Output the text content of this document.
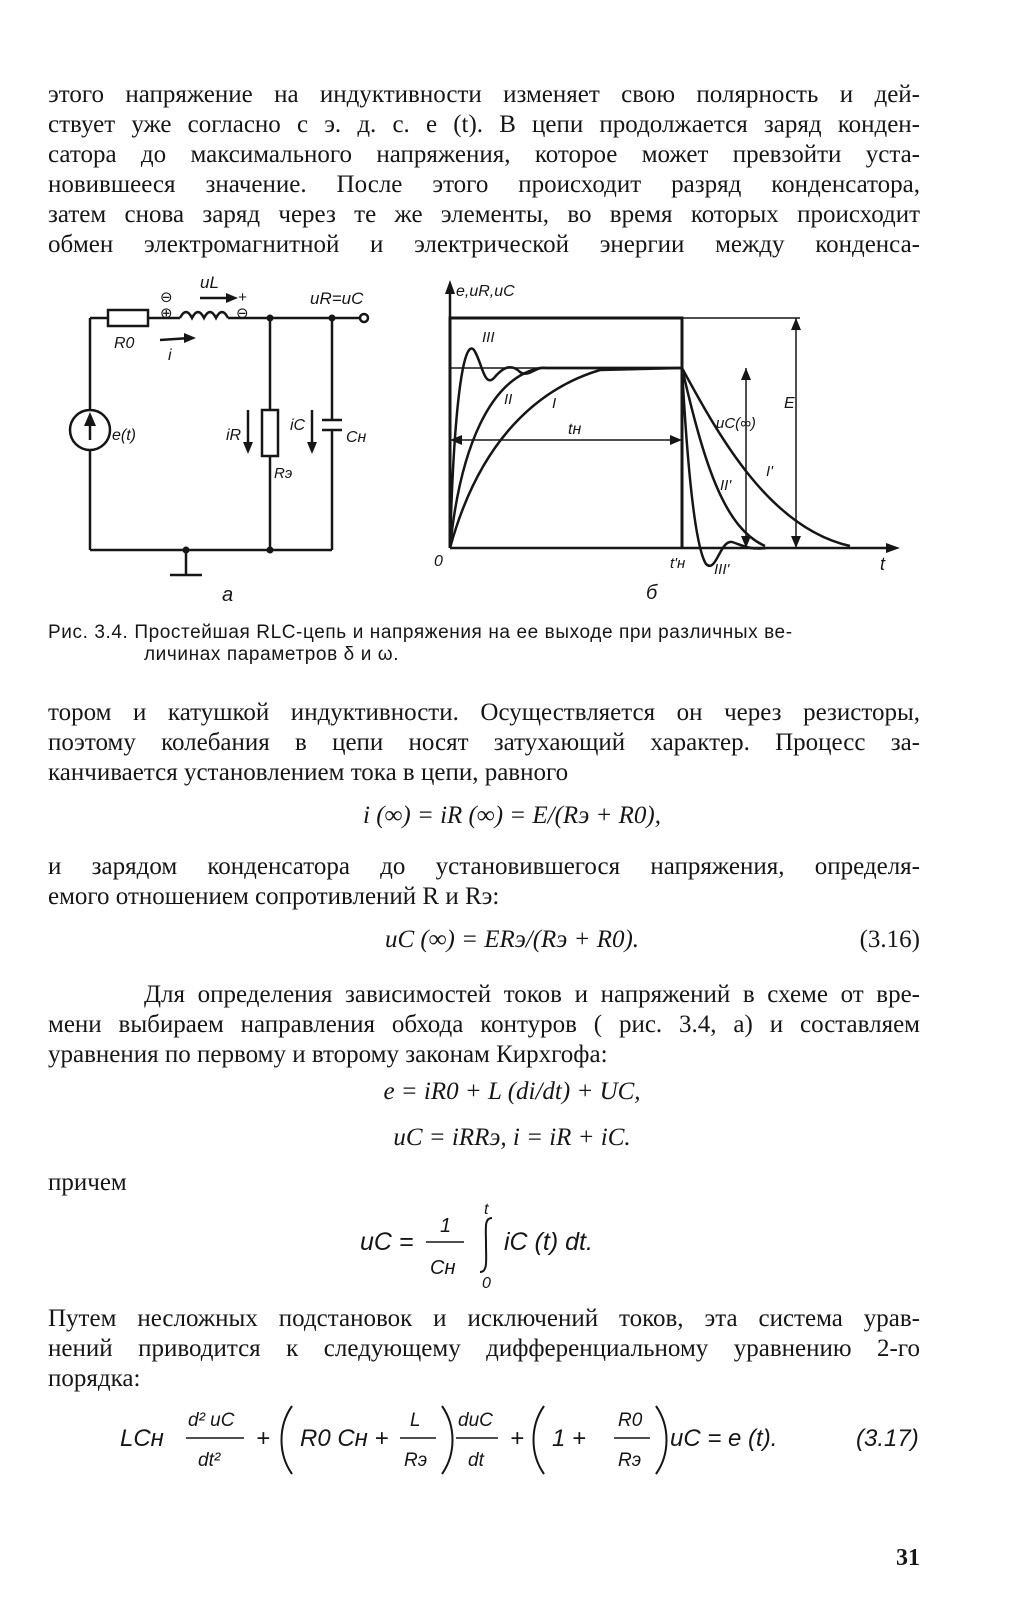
этого напряжение на индуктивности изменяет свою полярность и дей-
ствует уже согласно с э. д. с. e (t). В цепи продолжается заряд конден-
сатора до максимального напряжения, которое может превзойти уста-
новившееся значение. После этого происходит разряд конденсатора,
затем снова заряд через те же элементы, во время которых происходит
обмен электромагнитной и электрической энергии между конденса-
uL
⊖
⊕
+
⊖
uR=uC
R0
i
e(t)	iR
iC
Cн
Rэ
а
e,uR,uC
t
0
III
II	I
tн	uC(∞)
E
II'
I'
III'
t'н
б
Рис. 3.4. Простейшая RLC-цепь и напряжения на ее выходе при различных ве-
личинах параметров δ и ω.
тором и катушкой индуктивности. Осуществляется он через резисторы,
поэтому колебания в цепи носят затухающий характер. Процесс за-
канчивается установлением тока в цепи, равного
i (∞) = iR (∞) = E/(Rэ + R0),
и зарядом конденсатора до установившегося напряжения, определя-
емого отношением сопротивлений R и Rэ:
uC (∞) = ERэ/(Rэ + R0).	(3.16)
Для определения зависимостей токов и напряжений в схеме от вре-
мени выбираем направления обхода контуров ( рис. 3.4, а) и составляем
уравнения по первому и второму законам Кирхгофа:
e = iR0 + L (di/dt) + UC,
uC = iRRэ, i = iR + iC.
причем
uC =
1
Cн
t
0
iC (t) dt.
Путем несложных подстановок и исключений токов, эта система урав-
нений приводится к следующему дифференциальному уравнению 2-го
порядка:
LCн
d² uC
dt²
+ R0 Cн +
L
Rэ
duC
dt
+ 1 +
R0
Rэ
uC = e (t).	(3.17)
31
